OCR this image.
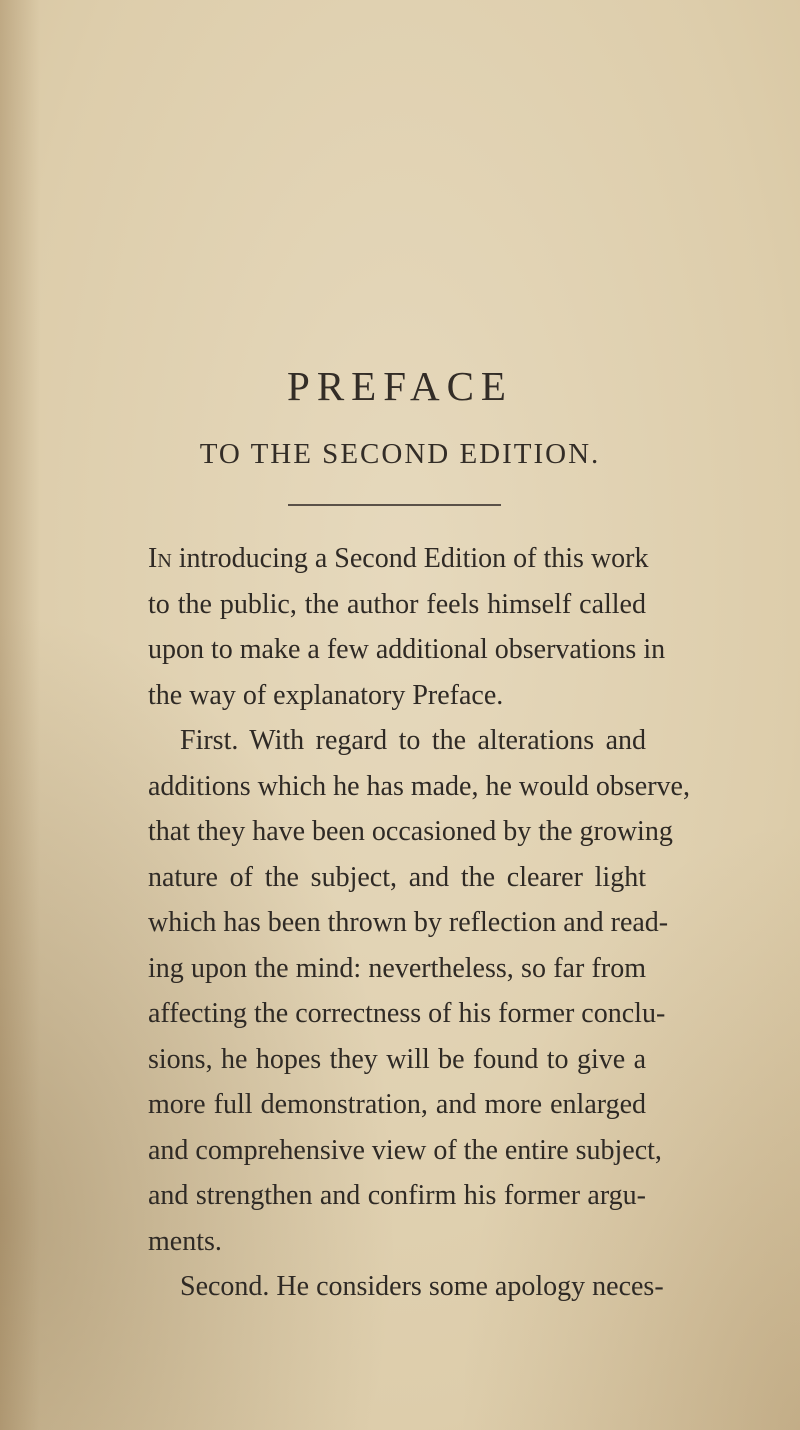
PREFACE
TO THE SECOND EDITION.
In introducing a Second Edition of this work
to the public, the author feels himself called
upon to make a few additional observations in
the way of explanatory Preface.
First. With regard to the alterations and
additions which he has made, he would observe,
that they have been occasioned by the growing
nature of the subject, and the clearer light
which has been thrown by reflection and read-
ing upon the mind: nevertheless, so far from
affecting the correctness of his former conclu-
sions, he hopes they will be found to give a
more full demonstration, and more enlarged
and comprehensive view of the entire subject,
and strengthen and confirm his former argu-
ments.
Second. He considers some apology neces-
